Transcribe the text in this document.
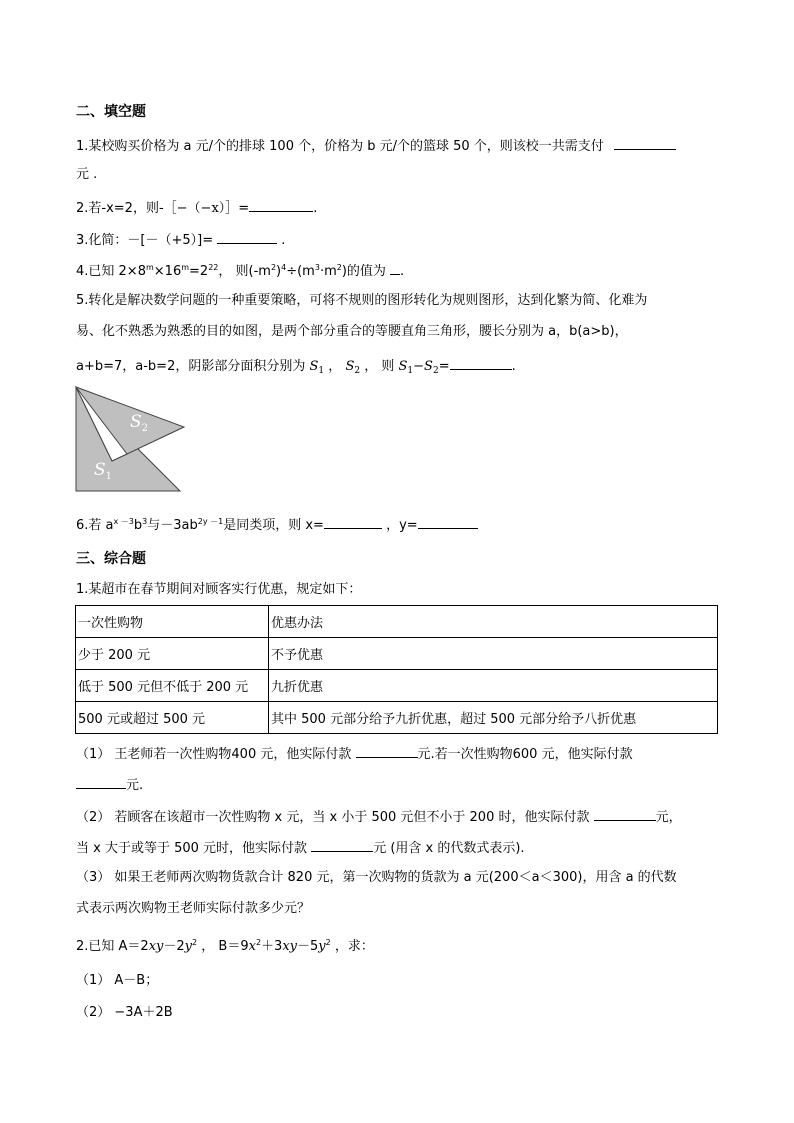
二、填空题
1.某校购买价格为 a 元/个的排球 100 个，价格为 b 元/个的篮球 50 个，则该校一共需支付
元 .
2.若-x=2，则-［−（−x）］=	.
3.化简：－[－（+5）]=	.
4.已知 $2\times 8^m\times 16^m=2^{22}$， 则$(-m^2)^4\div(m^3\cdot m^2)$的值为 .
5.转化是解决数学问题的一种重要策略，可将不规则的图形转化为规则图形，达到化繁为简、化难为
易、化不熟悉为熟悉的目的如图，是两个部分重合的等腰直角三角形，腰长分别为 a，b(a>b)，
a+b=7，a-b=2，阴影部分面积分别为 $S_1$ ， $S_2$ ， 则 $S_1-S_2=$	.
$S_2$
$S_1$
6.若 $a^{x -3}b^3$与$-3ab^{2y -1}$是同类项，则 x=	，y=
三、综合题
1.某超市在春节期间对顾客实行优惠，规定如下：
一次性购物	优惠办法
少于 200 元	不予优惠
低于 500 元但不低于 200 元	九折优惠
500 元或超过 500 元	其中 500 元部分给予九折优惠，超过 500 元部分给予八折优惠
（1） 王老师若一次性购物400 元，他实际付款	元.若一次性购物600 元，他实际付款
元.
（2） 若顾客在该超市一次性购物 x 元，当 x 小于 500 元但不小于 200 时，他实际付款	元，
当 x 大于或等于 500 元时，他实际付款	元 (用含 x 的代数式表示).
（3） 如果王老师两次购物货款合计 820 元，第一次购物的货款为 a 元(200＜a＜300)，用含 a 的代数
式表示两次购物王老师实际付款多少元？
2.已知 $A=2xy-2y^2$ ， $B=9x^2+3xy-5y^2$ ，求：
（1） A－B；
（2） −3A＋2B
